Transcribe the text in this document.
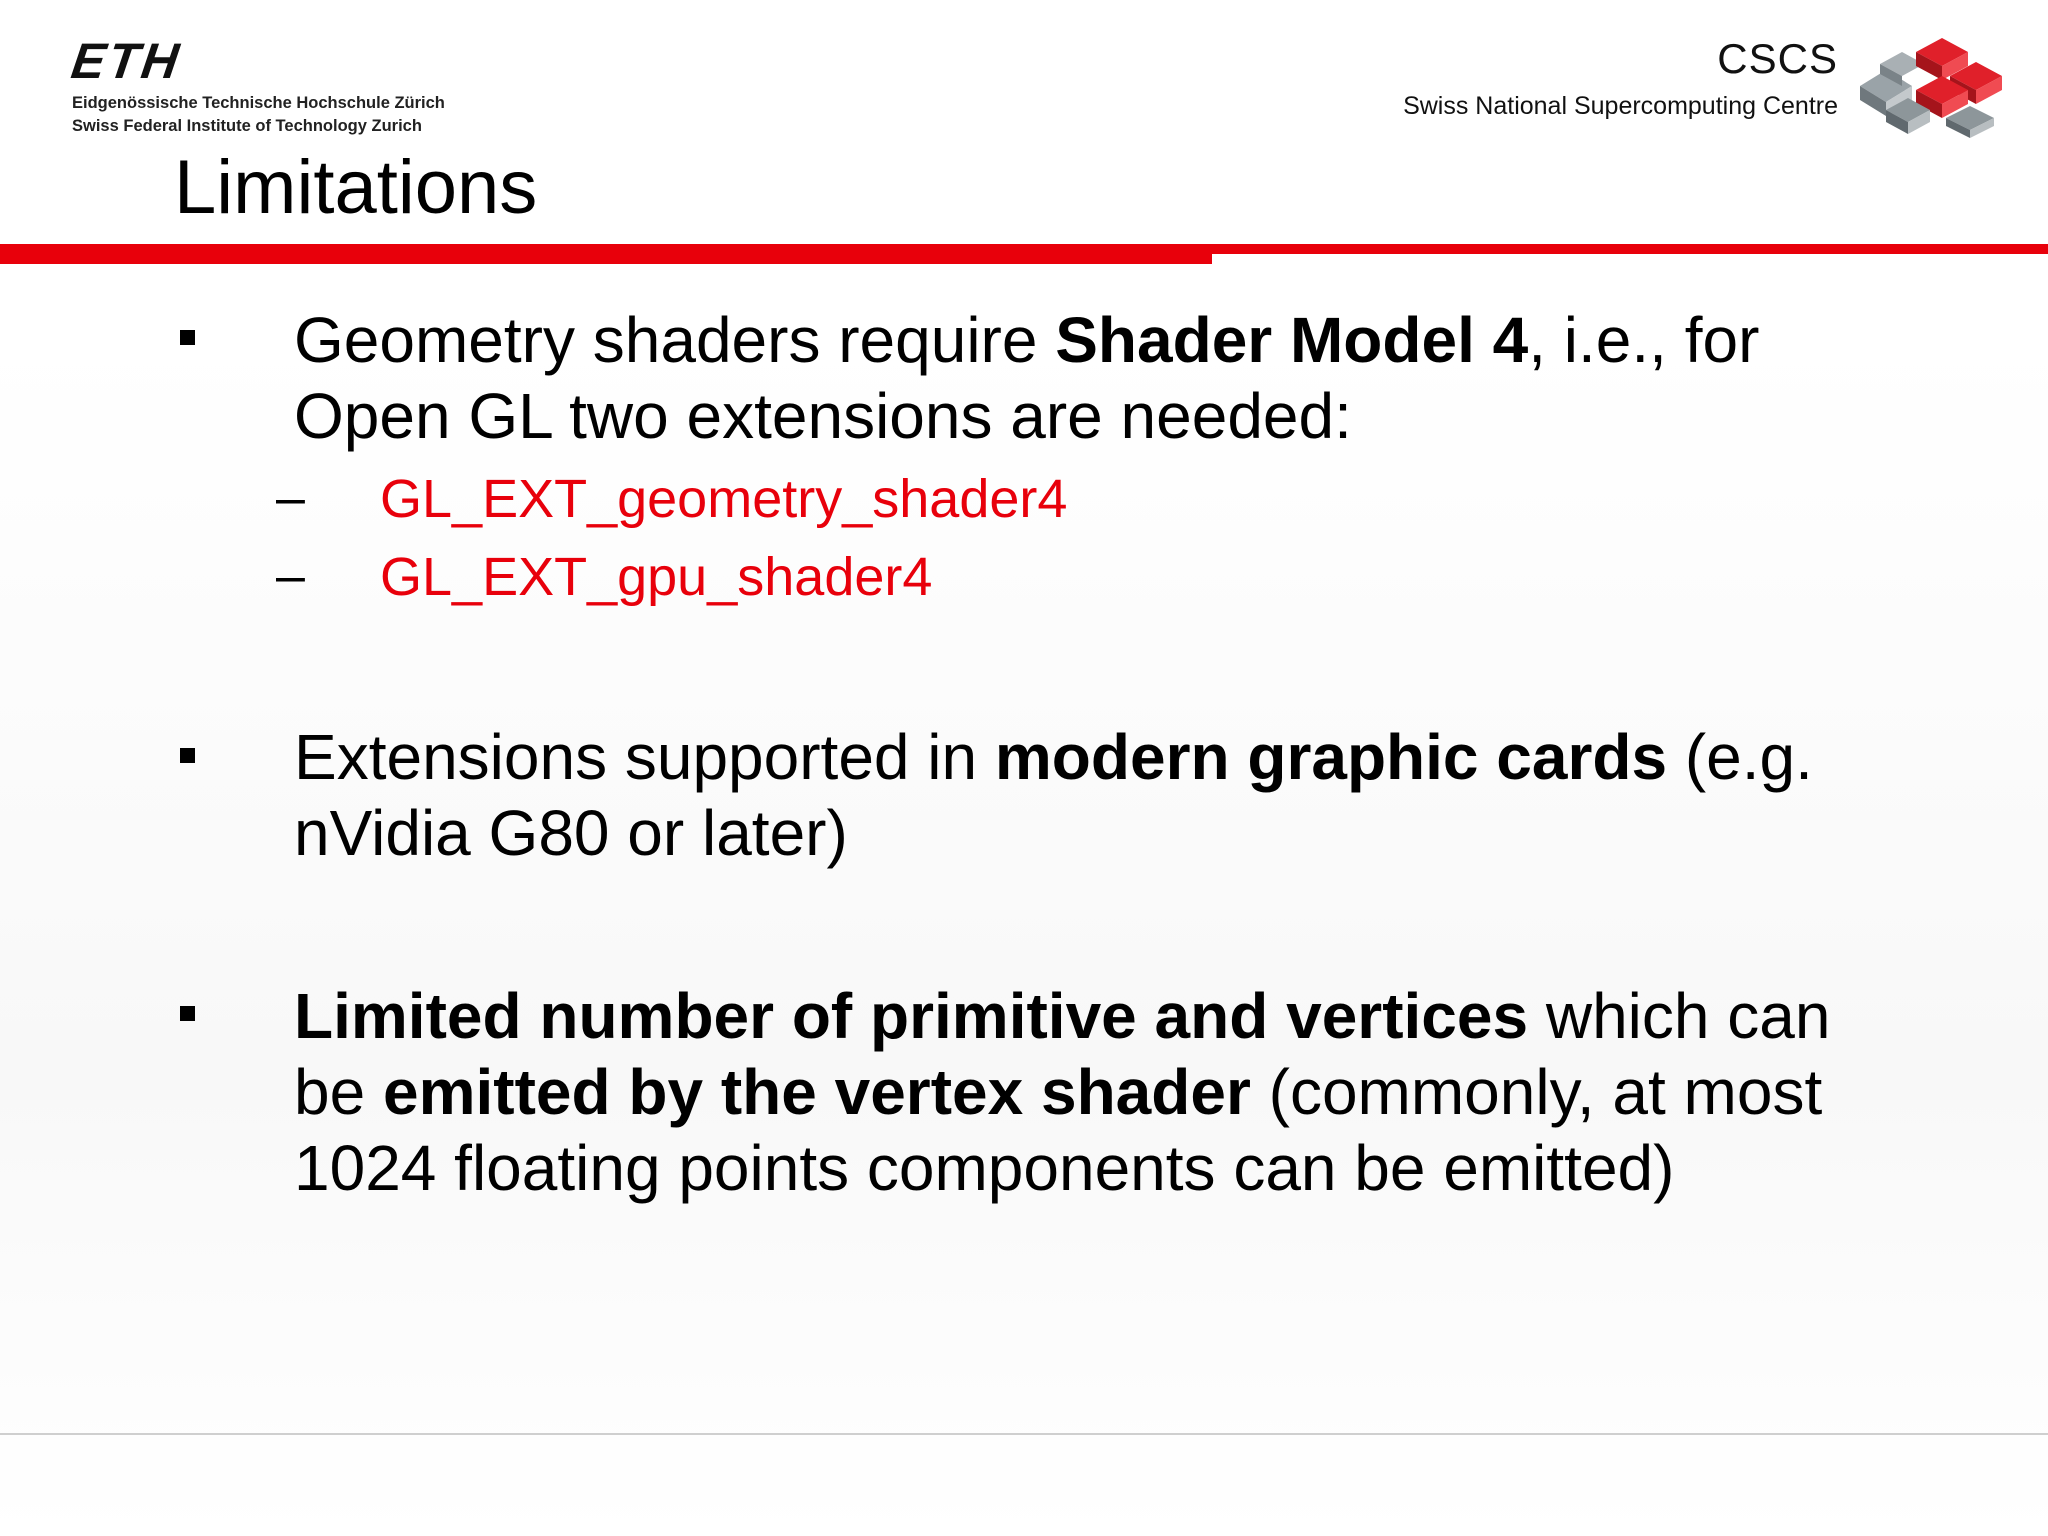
ETH
Eidgenössische Technische Hochschule Zürich
Swiss Federal Institute of Technology Zurich
CSCS
Swiss National Supercomputing Centre
Limitations
Geometry shaders require Shader Model 4, i.e., for Open GL two extensions are needed:
– GL_EXT_geometry_shader4
– GL_EXT_gpu_shader4
Extensions supported in modern graphic cards (e.g. nVidia G80 or later)
Limited number of primitive and vertices which can be emitted by the vertex shader (commonly, at most 1024 floating points components can be emitted)
